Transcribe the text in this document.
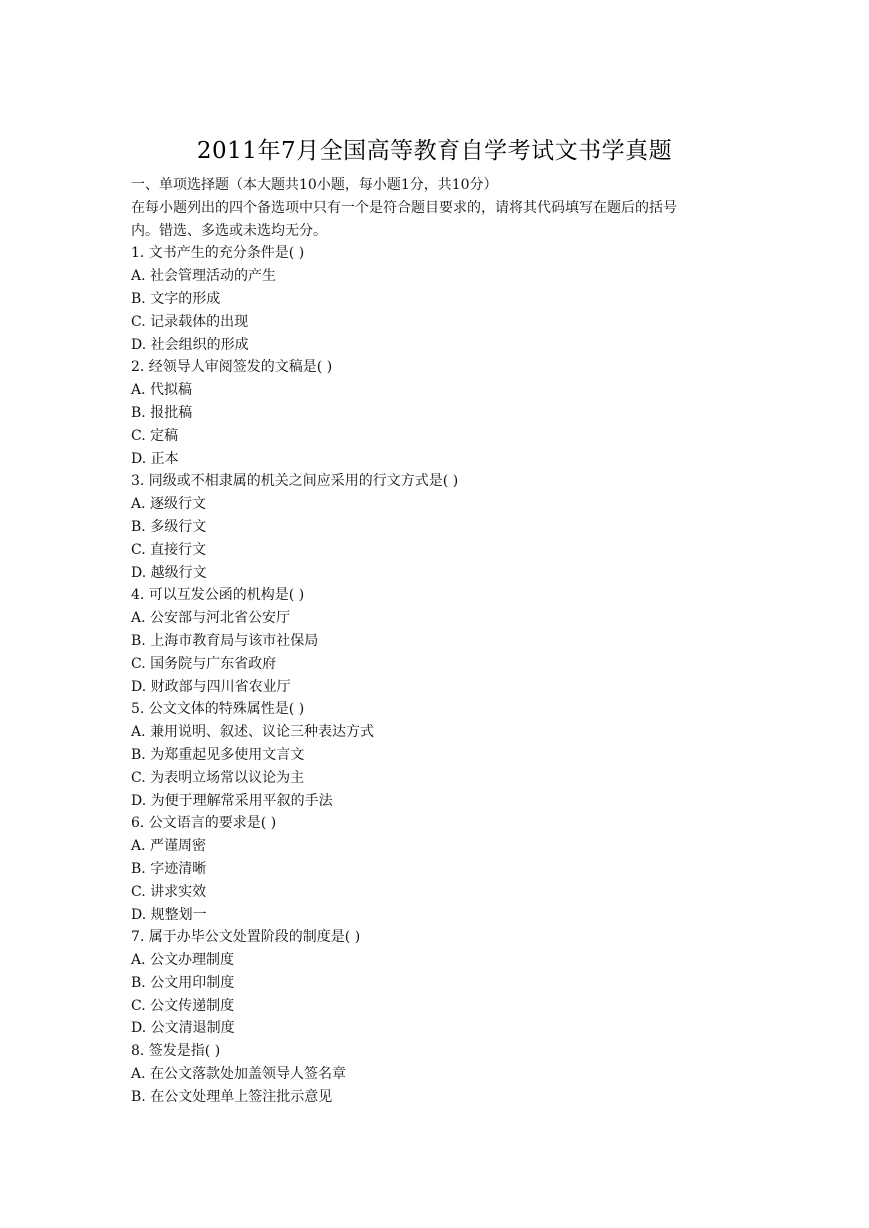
2011年7月全国高等教育自学考试文书学真题
一、单项选择题（本大题共10小题，每小题1分，共10分）
在每小题列出的四个备选项中只有一个是符合题目要求的，请将其代码填写在题后的括号
内。错选、多选或未选均无分。
1. 文书产生的充分条件是( )
A. 社会管理活动的产生
B. 文字的形成
C. 记录载体的出现
D. 社会组织的形成
2. 经领导人审阅签发的文稿是( )
A. 代拟稿
B. 报批稿
C. 定稿
D. 正本
3. 同级或不相隶属的机关之间应采用的行文方式是( )
A. 逐级行文
B. 多级行文
C. 直接行文
D. 越级行文
4. 可以互发公函的机构是( )
A. 公安部与河北省公安厅
B. 上海市教育局与该市社保局
C. 国务院与广东省政府
D. 财政部与四川省农业厅
5. 公文文体的特殊属性是( )
A. 兼用说明、叙述、议论三种表达方式
B. 为郑重起见多使用文言文
C. 为表明立场常以议论为主
D. 为便于理解常采用平叙的手法
6. 公文语言的要求是( )
A. 严谨周密
B. 字迹清晰
C. 讲求实效
D. 规整划一
7. 属于办毕公文处置阶段的制度是( )
A. 公文办理制度
B. 公文用印制度
C. 公文传递制度
D. 公文清退制度
8. 签发是指( )
A. 在公文落款处加盖领导人签名章
B. 在公文处理单上签注批示意见
